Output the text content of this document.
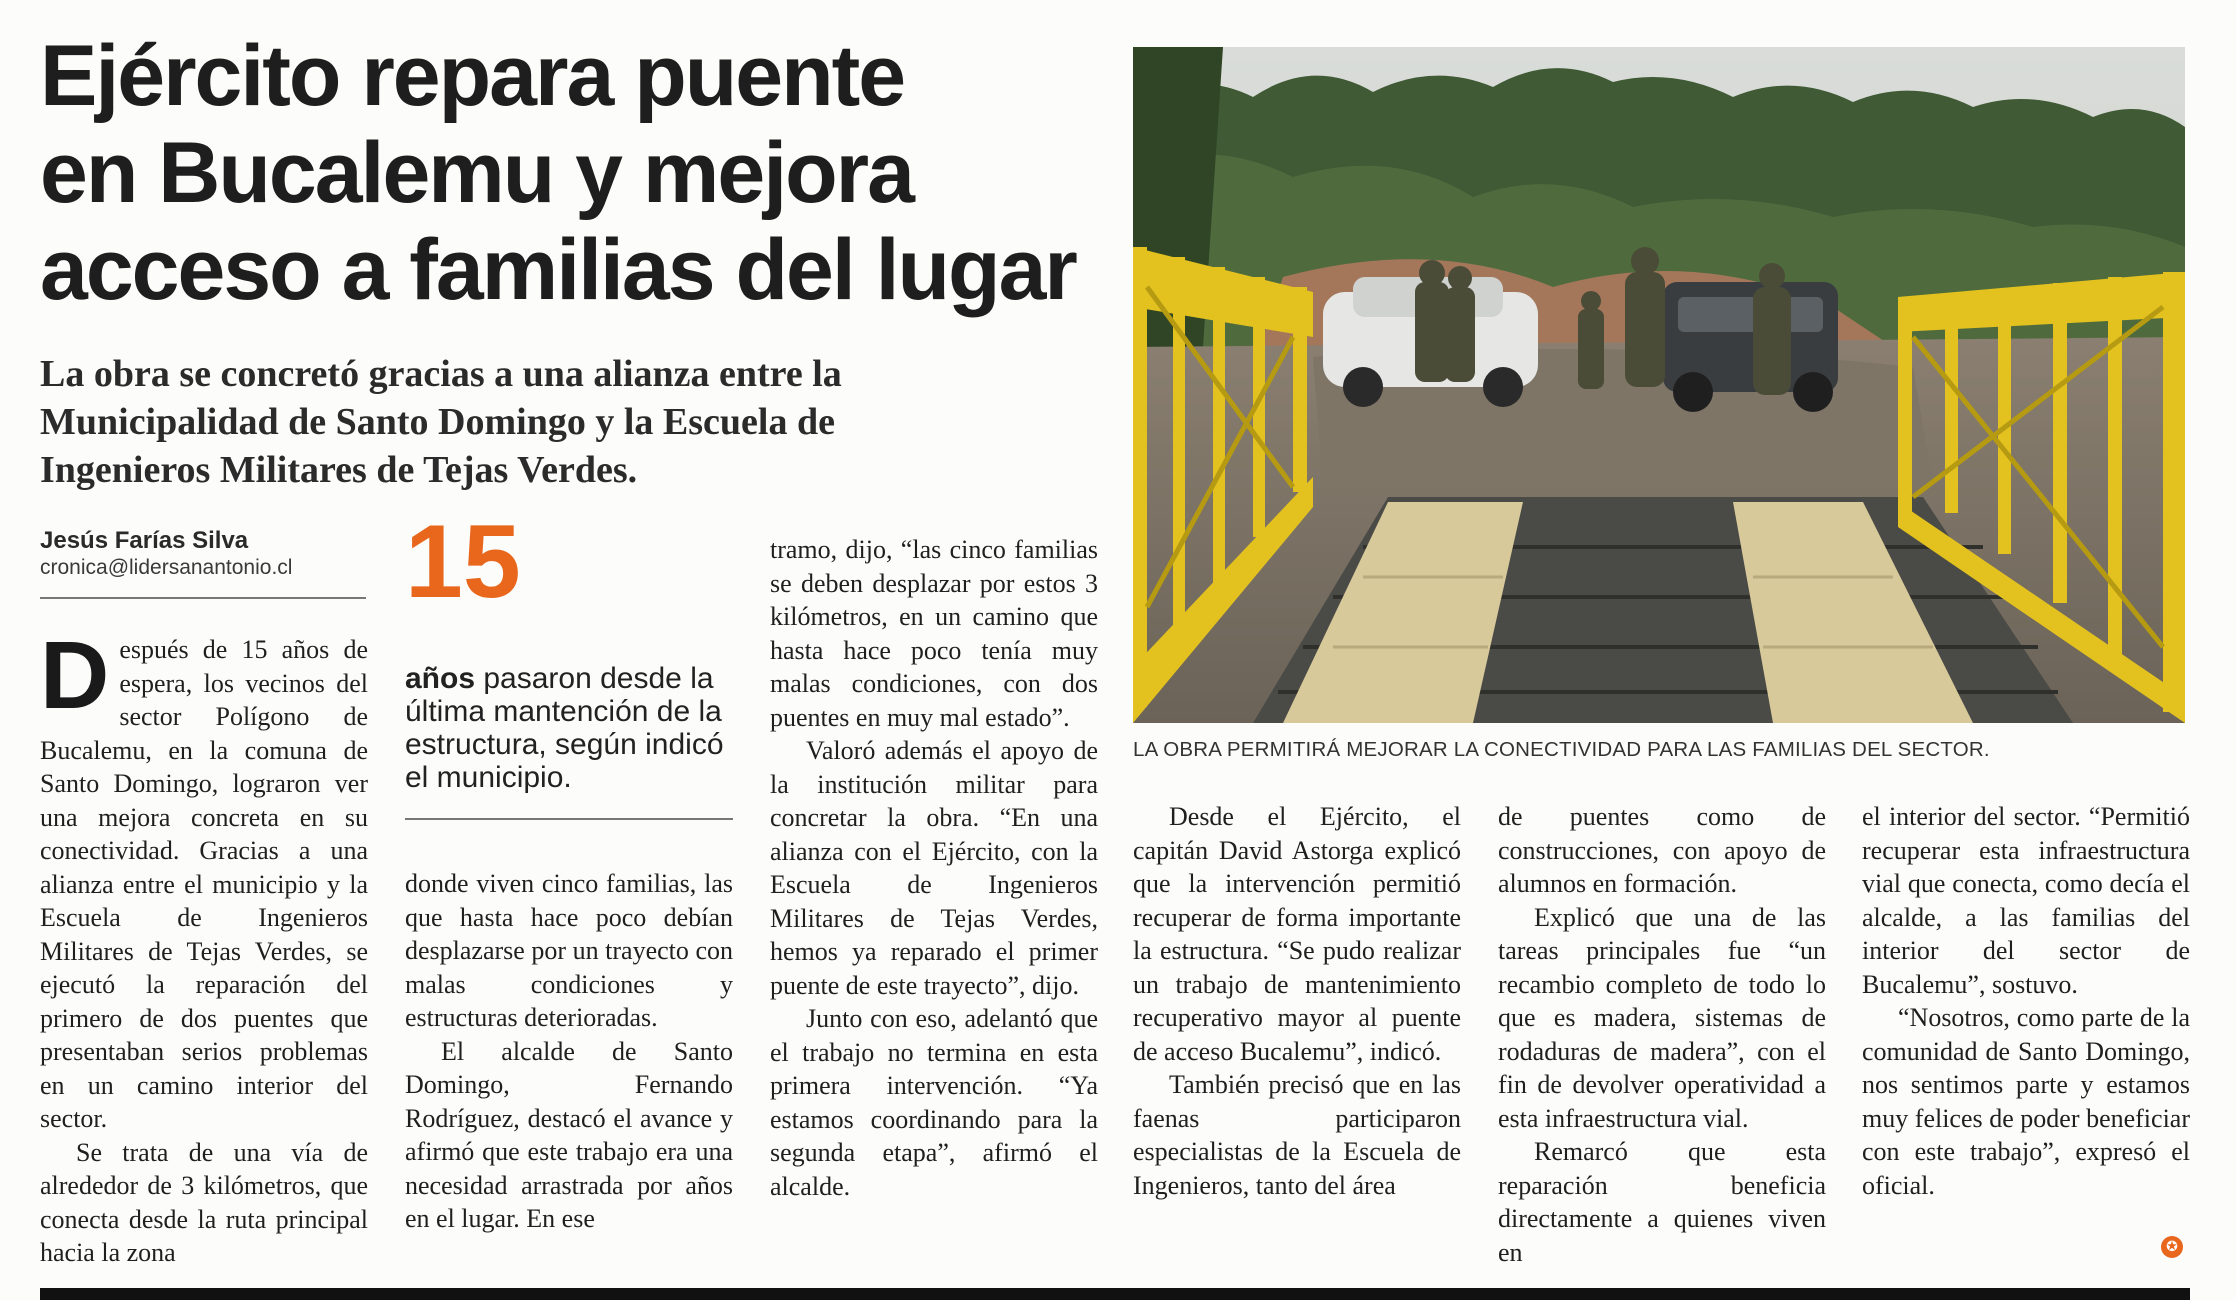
Ejército repara puente
en Bucalemu y mejora
acceso a familias del lugar

La obra se concretó gracias a una alianza entre la
Municipalidad de Santo Domingo y la Escuela de
Ingenieros Militares de Tejas Verdes.

Jesús Farías Silva
cronica@lidersanantonio.cl

Después de 15 años de espera, los vecinos del sector Polígono de Bucalemu, en la comuna de Santo Domingo, lograron ver una mejora concreta en su conectividad. Gracias a una alianza entre el municipio y la Escuela de Ingenieros Militares de Tejas Verdes, se ejecutó la reparación del primero de dos puentes que presentaban serios problemas en un camino interior del sector.

Se trata de una vía de alrededor de 3 kilómetros, que conecta desde la ruta principal hacia la zona

15
años pasaron desde la última mantención de la estructura, según indicó el municipio.

donde viven cinco familias, las que hasta hace poco debían desplazarse por un trayecto con malas condiciones y estructuras deterioradas.

El alcalde de Santo Domingo, Fernando Rodríguez, destacó el avance y afirmó que este trabajo era una necesidad arrastrada por años en el lugar. En ese

tramo, dijo, “las cinco familias se deben desplazar por estos 3 kilómetros, en un camino que hasta hace poco tenía muy malas condiciones, con dos puentes en muy mal estado”.

Valoró además el apoyo de la institución militar para concretar la obra. “En una alianza con el Ejército, con la Escuela de Ingenieros Militares de Tejas Verdes, hemos ya reparado el primer puente de este trayecto”, dijo.

Junto con eso, adelantó que el trabajo no termina en esta primera intervención. “Ya estamos coordinando para la segunda etapa”, afirmó el alcalde.

LA OBRA PERMITIRÁ MEJORAR LA CONECTIVIDAD PARA LAS FAMILIAS DEL SECTOR.

Desde el Ejército, el capitán David Astorga explicó que la intervención permitió recuperar de forma importante la estructura. “Se pudo realizar un trabajo de mantenimiento recuperativo mayor al puente de acceso Bucalemu”, indicó.

También precisó que en las faenas participaron especialistas de la Escuela de Ingenieros, tanto del área

de puentes como de construcciones, con apoyo de alumnos en formación.

Explicó que una de las tareas principales fue “un recambio completo de todo lo que es madera, sistemas de rodaduras de madera”, con el fin de devolver operatividad a esta infraestructura vial.

Remarcó que esta reparación beneficia directamente a quienes viven en

el interior del sector. “Permitió recuperar esta infraestructura vial que conecta, como decía el alcalde, a las familias del interior del sector de Bucalemu”, sostuvo.

“Nosotros, como parte de la comunidad de Santo Domingo, nos sentimos parte y estamos muy felices de poder beneficiar con este trabajo”, expresó el oficial.

✪
